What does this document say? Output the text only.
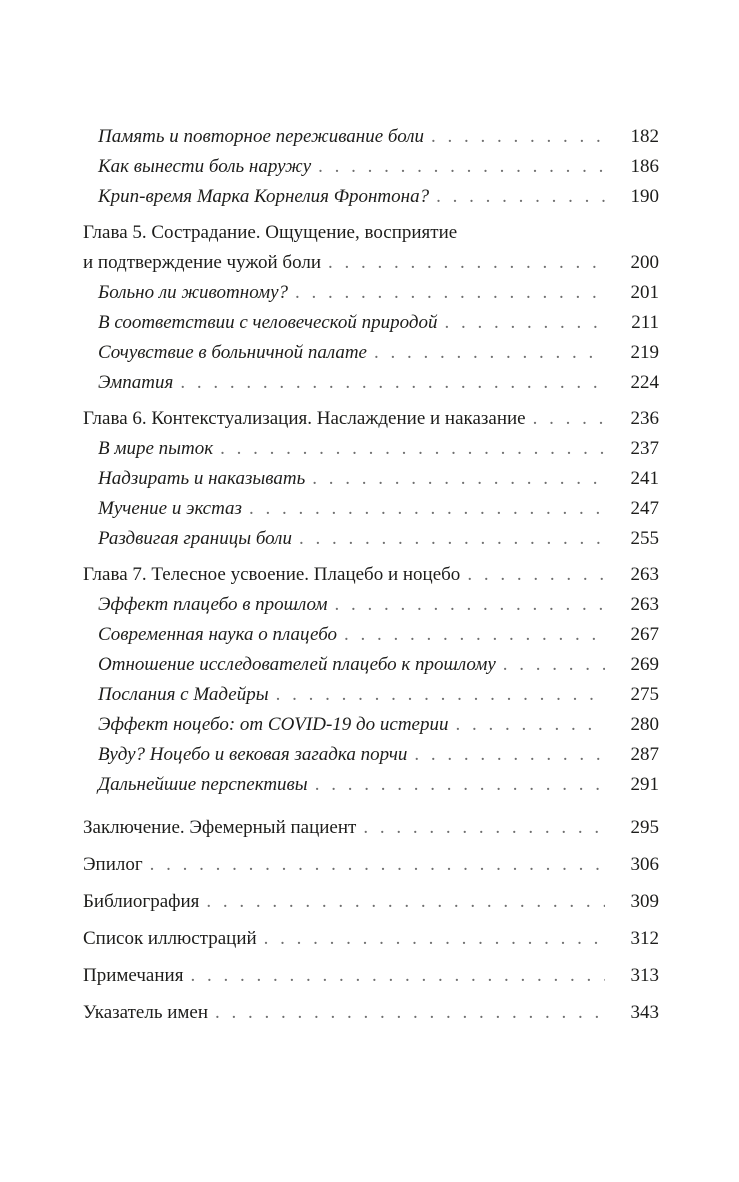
Память и повторное переживание боли . . .	182
Как вынести боль наружу . . .	186
Крип-время Марка Корнелия Фронтона? . . .	190
Глава 5. Сострадание. Ощущение, восприятие
и подтверждение чужой боли . . .	200
Больно ли животному? . . .	201
В соответствии с человеческой природой . . .	211
Сочувствие в больничной палате . . .	219
Эмпатия . . .	224
Глава 6. Контекстуализация. Наслаждение и наказание . . .	236
В мире пыток . . .	237
Надзирать и наказывать . . .	241
Мучение и экстаз . . .	247
Раздвигая границы боли . . .	255
Глава 7. Телесное усвоение. Плацебо и ноцебо . . .	263
Эффект плацебо в прошлом . . .	263
Современная наука о плацебо . . .	267
Отношение исследователей плацебо к прошлому . . .	269
Послания с Мадейры . . .	275
Эффект ноцебо: от COVID-19 до истерии . . .	280
Вуду? Ноцебо и вековая загадка порчи . . .	287
Дальнейшие перспективы . . .	291
Заключение. Эфемерный пациент . . .	295
Эпилог . . .	306
Библиография . . .	309
Список иллюстраций . . .	312
Примечания . . .	313
Указатель имен . . .	343
